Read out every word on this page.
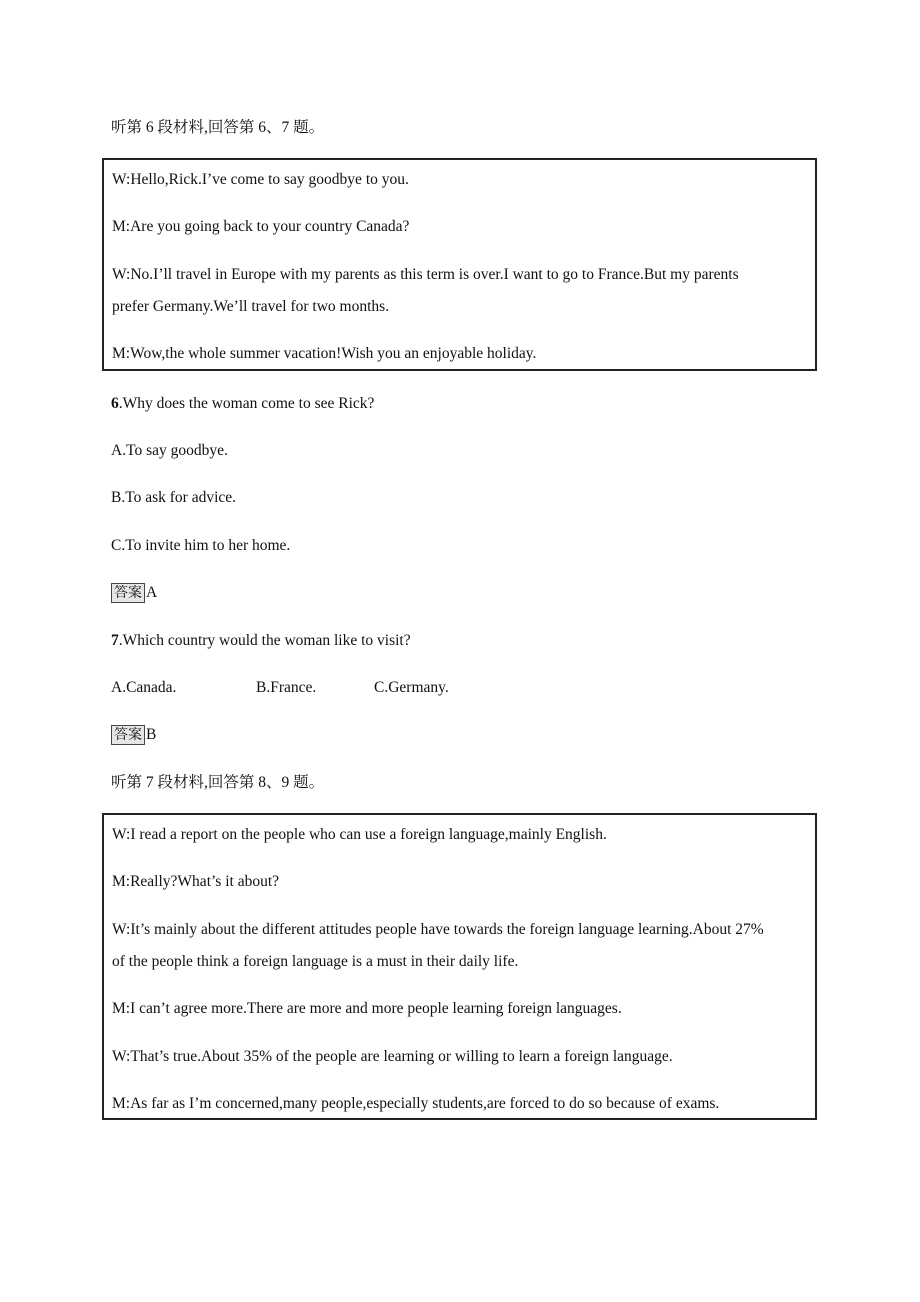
听第 6 段材料,回答第 6、7 题。
W:Hello,Rick.I’ve come to say goodbye to you.
M:Are you going back to your country Canada?
W:No.I’ll travel in Europe with my parents as this term is over.I want to go to France.But my parents
prefer Germany.We’ll travel for two months.
M:Wow,the whole summer vacation!Wish you an enjoyable holiday.
6.Why does the woman come to see Rick?
A.To say goodbye.
B.To ask for advice.
C.To invite him to her home.
答案 A
7.Which country would the woman like to visit?
A.Canada.	B.France.	C.Germany.
答案 B
听第 7 段材料,回答第 8、9 题。
W:I read a report on the people who can use a foreign language,mainly English.
M:Really?What’s it about?
W:It’s mainly about the different attitudes people have towards the foreign language learning.About 27%
of the people think a foreign language is a must in their daily life.
M:I can’t agree more.There are more and more people learning foreign languages.
W:That’s true.About 35% of the people are learning or willing to learn a foreign language.
M:As far as I’m concerned,many people,especially students,are forced to do so because of exams.
